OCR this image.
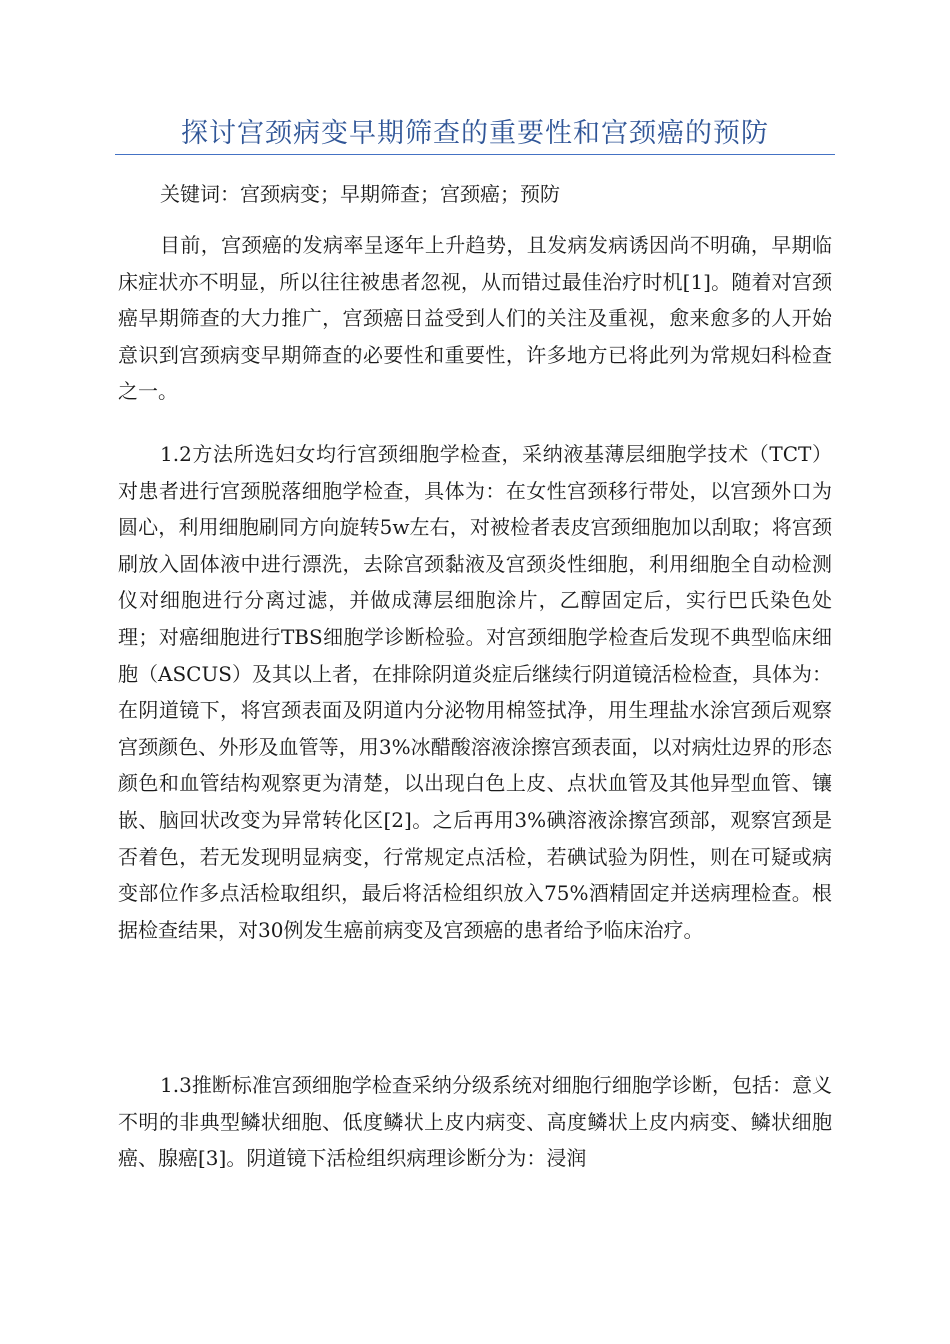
探讨宫颈病变早期筛查的重要性和宫颈癌的预防

关键词：宫颈病变；早期筛查；宫颈癌；预防

目前，宫颈癌的发病率呈逐年上升趋势，且发病发病诱因尚不明确，早期临床症状亦不明显，所以往往被患者忽视，从而错过最佳治疗时机[1]。随着对宫颈癌早期筛查的大力推广，宫颈癌日益受到人们的关注及重视，愈来愈多的人开始意识到宫颈病变早期筛查的必要性和重要性，许多地方已将此列为常规妇科检查之一。

1.2方法所选妇女均行宫颈细胞学检查，采纳液基薄层细胞学技术（TCT）对患者进行宫颈脱落细胞学检查，具体为：在女性宫颈移行带处，以宫颈外口为圆心，利用细胞刷同方向旋转5w左右，对被检者表皮宫颈细胞加以刮取；将宫颈刷放入固体液中进行漂洗，去除宫颈黏液及宫颈炎性细胞，利用细胞全自动检测仪对细胞进行分离过滤，并做成薄层细胞涂片，乙醇固定后，实行巴氏染色处理；对癌细胞进行TBS细胞学诊断检验。对宫颈细胞学检查后发现不典型临床细胞（ASCUS）及其以上者，在排除阴道炎症后继续行阴道镜活检检查，具体为：在阴道镜下，将宫颈表面及阴道内分泌物用棉签拭净，用生理盐水涂宫颈后观察宫颈颜色、外形及血管等，用3%冰醋酸溶液涂擦宫颈表面，以对病灶边界的形态颜色和血管结构观察更为清楚，以出现白色上皮、点状血管及其他异型血管、镶嵌、脑回状改变为异常转化区[2]。之后再用3%碘溶液涂擦宫颈部，观察宫颈是否着色，若无发现明显病变，行常规定点活检，若碘试验为阴性，则在可疑或病变部位作多点活检取组织，最后将活检组织放入75%酒精固定并送病理检查。根据检查结果，对30例发生癌前病变及宫颈癌的患者给予临床治疗。

1.3推断标准宫颈细胞学检查采纳分级系统对细胞行细胞学诊断，包括：意义不明的非典型鳞状细胞、低度鳞状上皮内病变、高度鳞状上皮内病变、鳞状细胞癌、腺癌[3]。阴道镜下活检组织病理诊断分为：浸润
